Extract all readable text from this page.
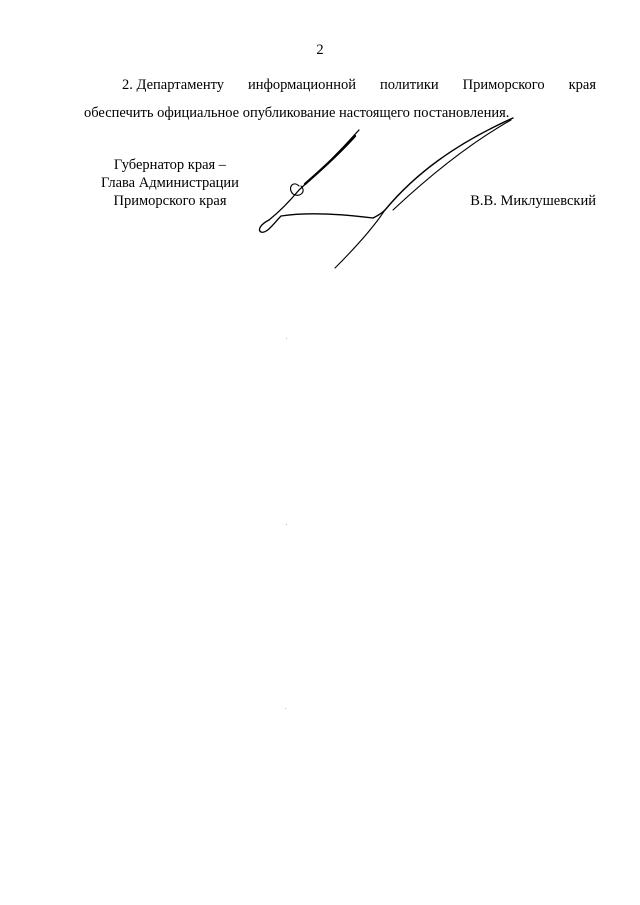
2
2. Департаменту информационной политики Приморского края
обеспечить официальное опубликование настоящего постановления.
Губернатор края –
Глава Администрации
Приморского края	В.В. Миклушевский
